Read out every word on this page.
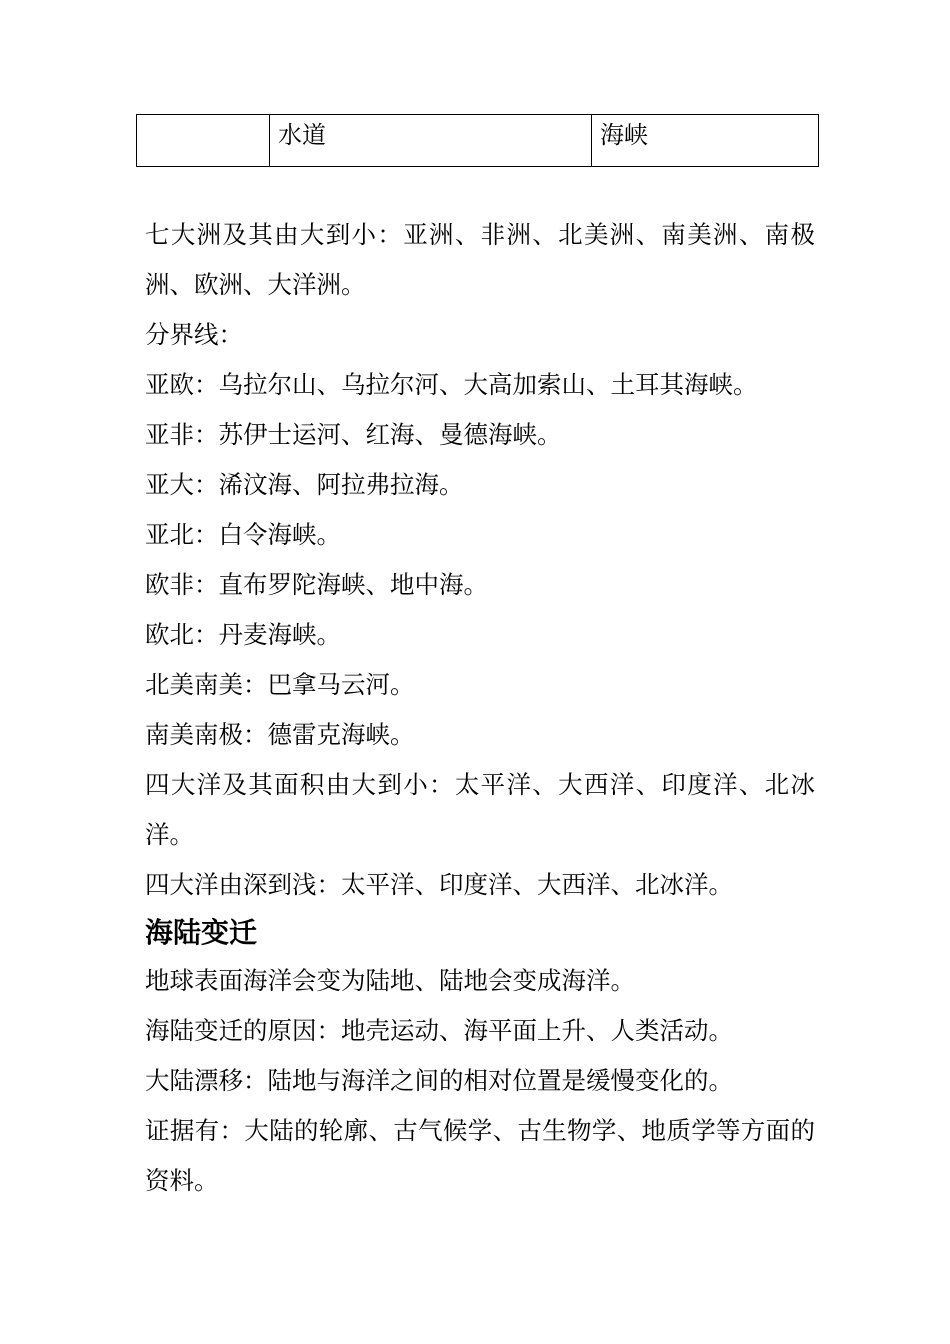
	水道	海峡

七大洲及其由大到小：亚洲、非洲、北美洲、南美洲、南极洲、欧洲、大洋洲。

分界线：

亚欧：乌拉尔山、乌拉尔河、大高加索山、土耳其海峡。

亚非：苏伊士运河、红海、曼德海峡。

亚大：浠汶海、阿拉弗拉海。

亚北：白令海峡。

欧非：直布罗陀海峡、地中海。

欧北：丹麦海峡。

北美南美：巴拿马云河。

南美南极：德雷克海峡。

四大洋及其面积由大到小：太平洋、大西洋、印度洋、北冰洋。

四大洋由深到浅：太平洋、印度洋、大西洋、北冰洋。

海陆变迁

地球表面海洋会变为陆地、陆地会变成海洋。

海陆变迁的原因：地壳运动、海平面上升、人类活动。

大陆漂移：陆地与海洋之间的相对位置是缓慢变化的。

证据有：大陆的轮廓、古气候学、古生物学、地质学等方面的资料。
